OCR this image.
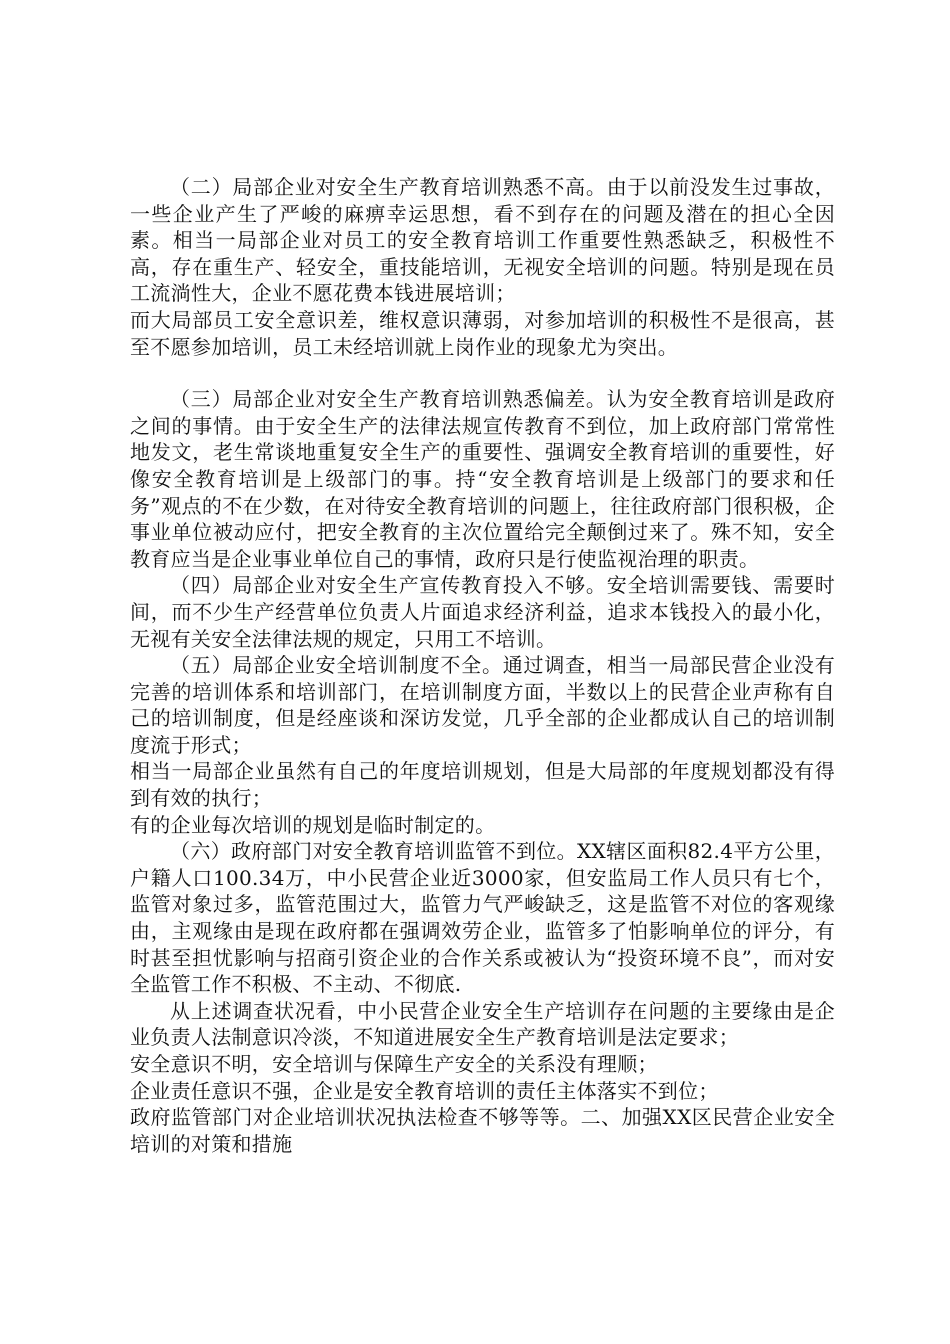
（二）局部企业对安全生产教育培训熟悉不高。由于以前没发生过事故，一些企业产生了严峻的麻痹幸运思想，看不到存在的问题及潜在的担心全因素。相当一局部企业对员工的安全教育培训工作重要性熟悉缺乏，积极性不高，存在重生产、轻安全，重技能培训，无视安全培训的问题。特别是现在员工流淌性大，企业不愿花费本钱进展培训；

而大局部员工安全意识差，维权意识薄弱，对参加培训的积极性不是很高，甚至不愿参加培训，员工未经培训就上岗作业的现象尤为突出。

（三）局部企业对安全生产教育培训熟悉偏差。认为安全教育培训是政府之间的事情。由于安全生产的法律法规宣传教育不到位，加上政府部门常常性地发文，老生常谈地重复安全生产的重要性、强调安全教育培训的重要性，好像安全教育培训是上级部门的事。持“安全教育培训是上级部门的要求和任务”观点的不在少数，在对待安全教育培训的问题上，往往政府部门很积极，企事业单位被动应付，把安全教育的主次位置给完全颠倒过来了。殊不知，安全教育应当是企业事业单位自己的事情，政府只是行使监视治理的职责。

（四）局部企业对安全生产宣传教育投入不够。安全培训需要钱、需要时间，而不少生产经营单位负责人片面追求经济利益，追求本钱投入的最小化，无视有关安全法律法规的规定，只用工不培训。

（五）局部企业安全培训制度不全。通过调查，相当一局部民营企业没有完善的培训体系和培训部门，在培训制度方面，半数以上的民营企业声称有自己的培训制度，但是经座谈和深访发觉，几乎全部的企业都成认自己的培训制度流于形式；

相当一局部企业虽然有自己的年度培训规划，但是大局部的年度规划都没有得到有效的执行；

有的企业每次培训的规划是临时制定的。

（六）政府部门对安全教育培训监管不到位。XX辖区面积82.4平方公里，户籍人口100.34万，中小民营企业近3000家，但安监局工作人员只有七个，监管对象过多，监管范围过大，监管力气严峻缺乏，这是监管不对位的客观缘由，主观缘由是现在政府都在强调效劳企业，监管多了怕影响单位的评分，有时甚至担忧影响与招商引资企业的合作关系或被认为“投资环境不良”，而对安全监管工作不积极、不主动、不彻底.

从上述调查状况看，中小民营企业安全生产培训存在问题的主要缘由是企业负责人法制意识冷淡，不知道进展安全生产教育培训是法定要求；

安全意识不明，安全培训与保障生产安全的关系没有理顺；

企业责任意识不强，企业是安全教育培训的责任主体落实不到位；

政府监管部门对企业培训状况执法检查不够等等。二、加强XX区民营企业安全培训的对策和措施
